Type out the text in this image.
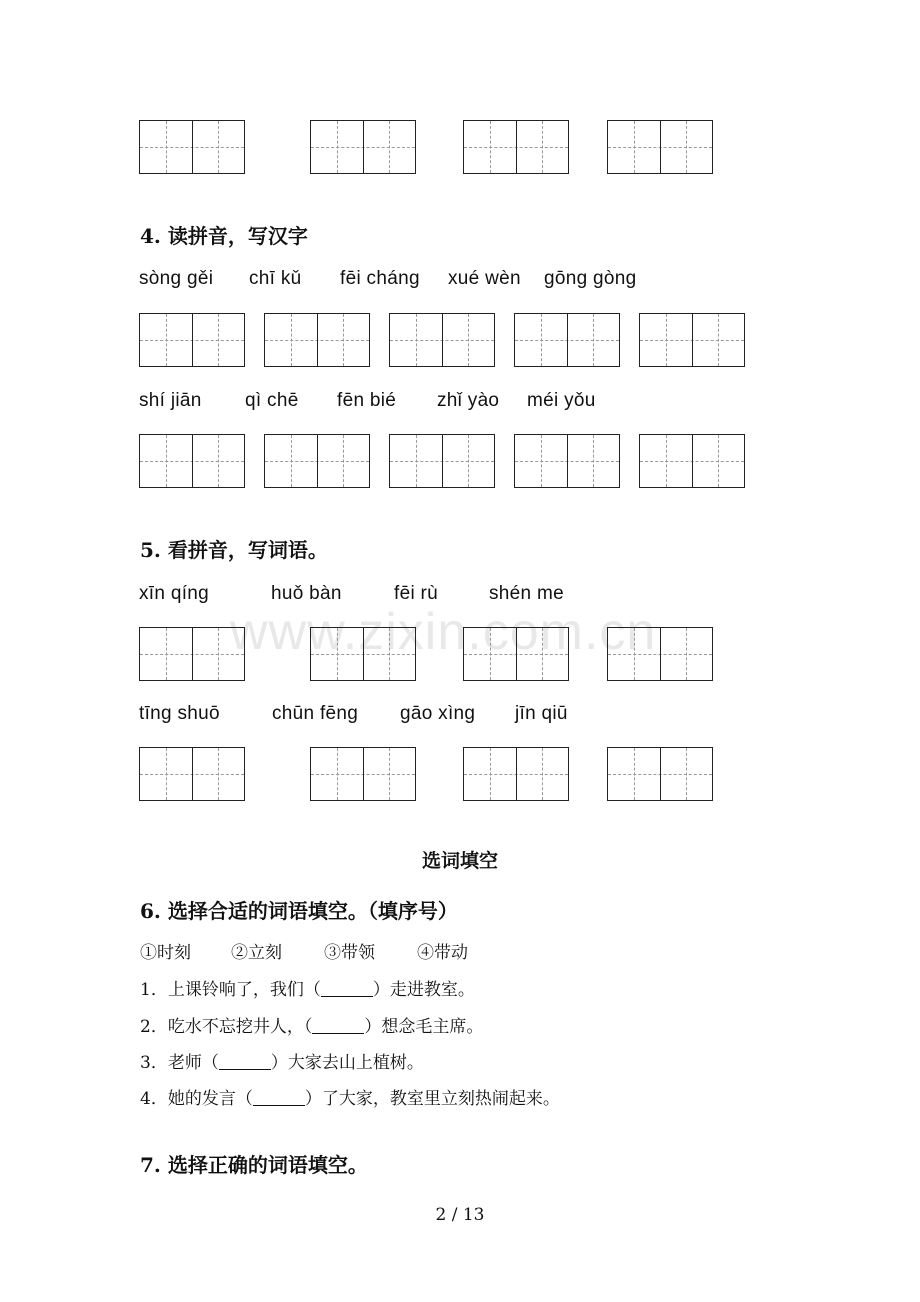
4. 读拼音，写汉字
sòng gěi chī kǔ fēi cháng xué wèn gōng gòng
shí jiān qì chē fēn bié zhǐ yào méi yǒu
5. 看拼音，写词语。
xīn qíng	huǒ bàn	fēi rù	shén me
www.zixin.com.cn
tīng shuō	chūn fēng gāo xìng jīn qiū
选词填空
6. 选择合适的词语填空。（填序号）
①时刻 ②立刻 ③带领 ④带动
1．上课铃响了，我们（	）走进教室。
2．吃水不忘挖井人，（	）想念毛主席。
3．老师（	）大家去山上植树。
4．她的发言（	）了大家，教室里立刻热闹起来。
7. 选择正确的词语填空。
2 / 13
